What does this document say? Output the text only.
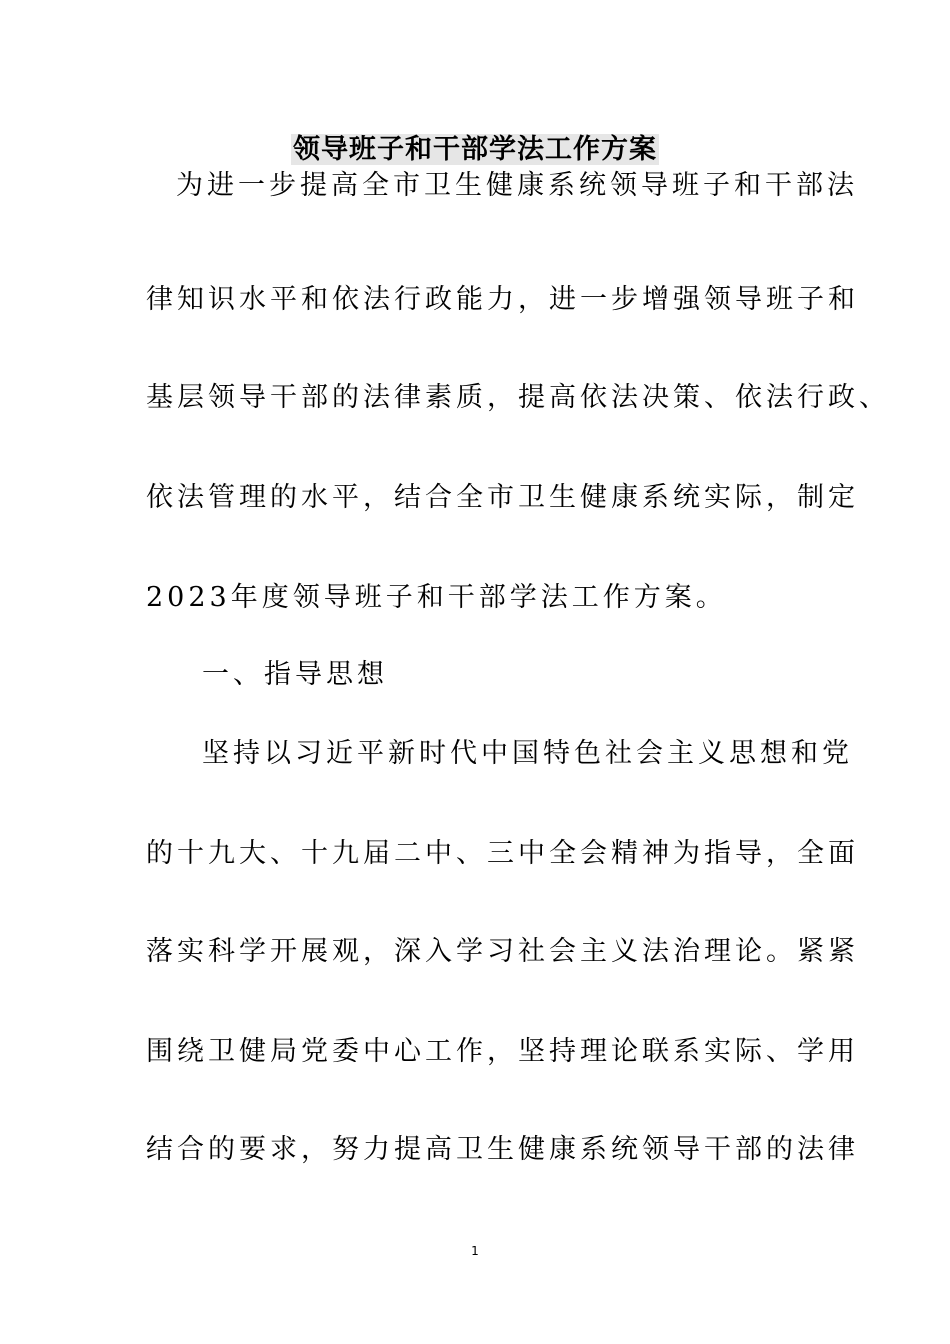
领导班子和干部学法工作方案
为进一步提高全市卫生健康系统领导班子和干部法
律知识水平和依法行政能力，进一步增强领导班子和
基层领导干部的法律素质，提高依法决策、依法行政、
依法管理的水平，结合全市卫生健康系统实际，制定
2023年度领导班子和干部学法工作方案。
一、指导思想
坚持以习近平新时代中国特色社会主义思想和党
的十九大、十九届二中、三中全会精神为指导，全面
落实科学开展观，深入学习社会主义法治理论。紧紧
围绕卫健局党委中心工作，坚持理论联系实际、学用
结合的要求，努力提高卫生健康系统领导干部的法律
1
